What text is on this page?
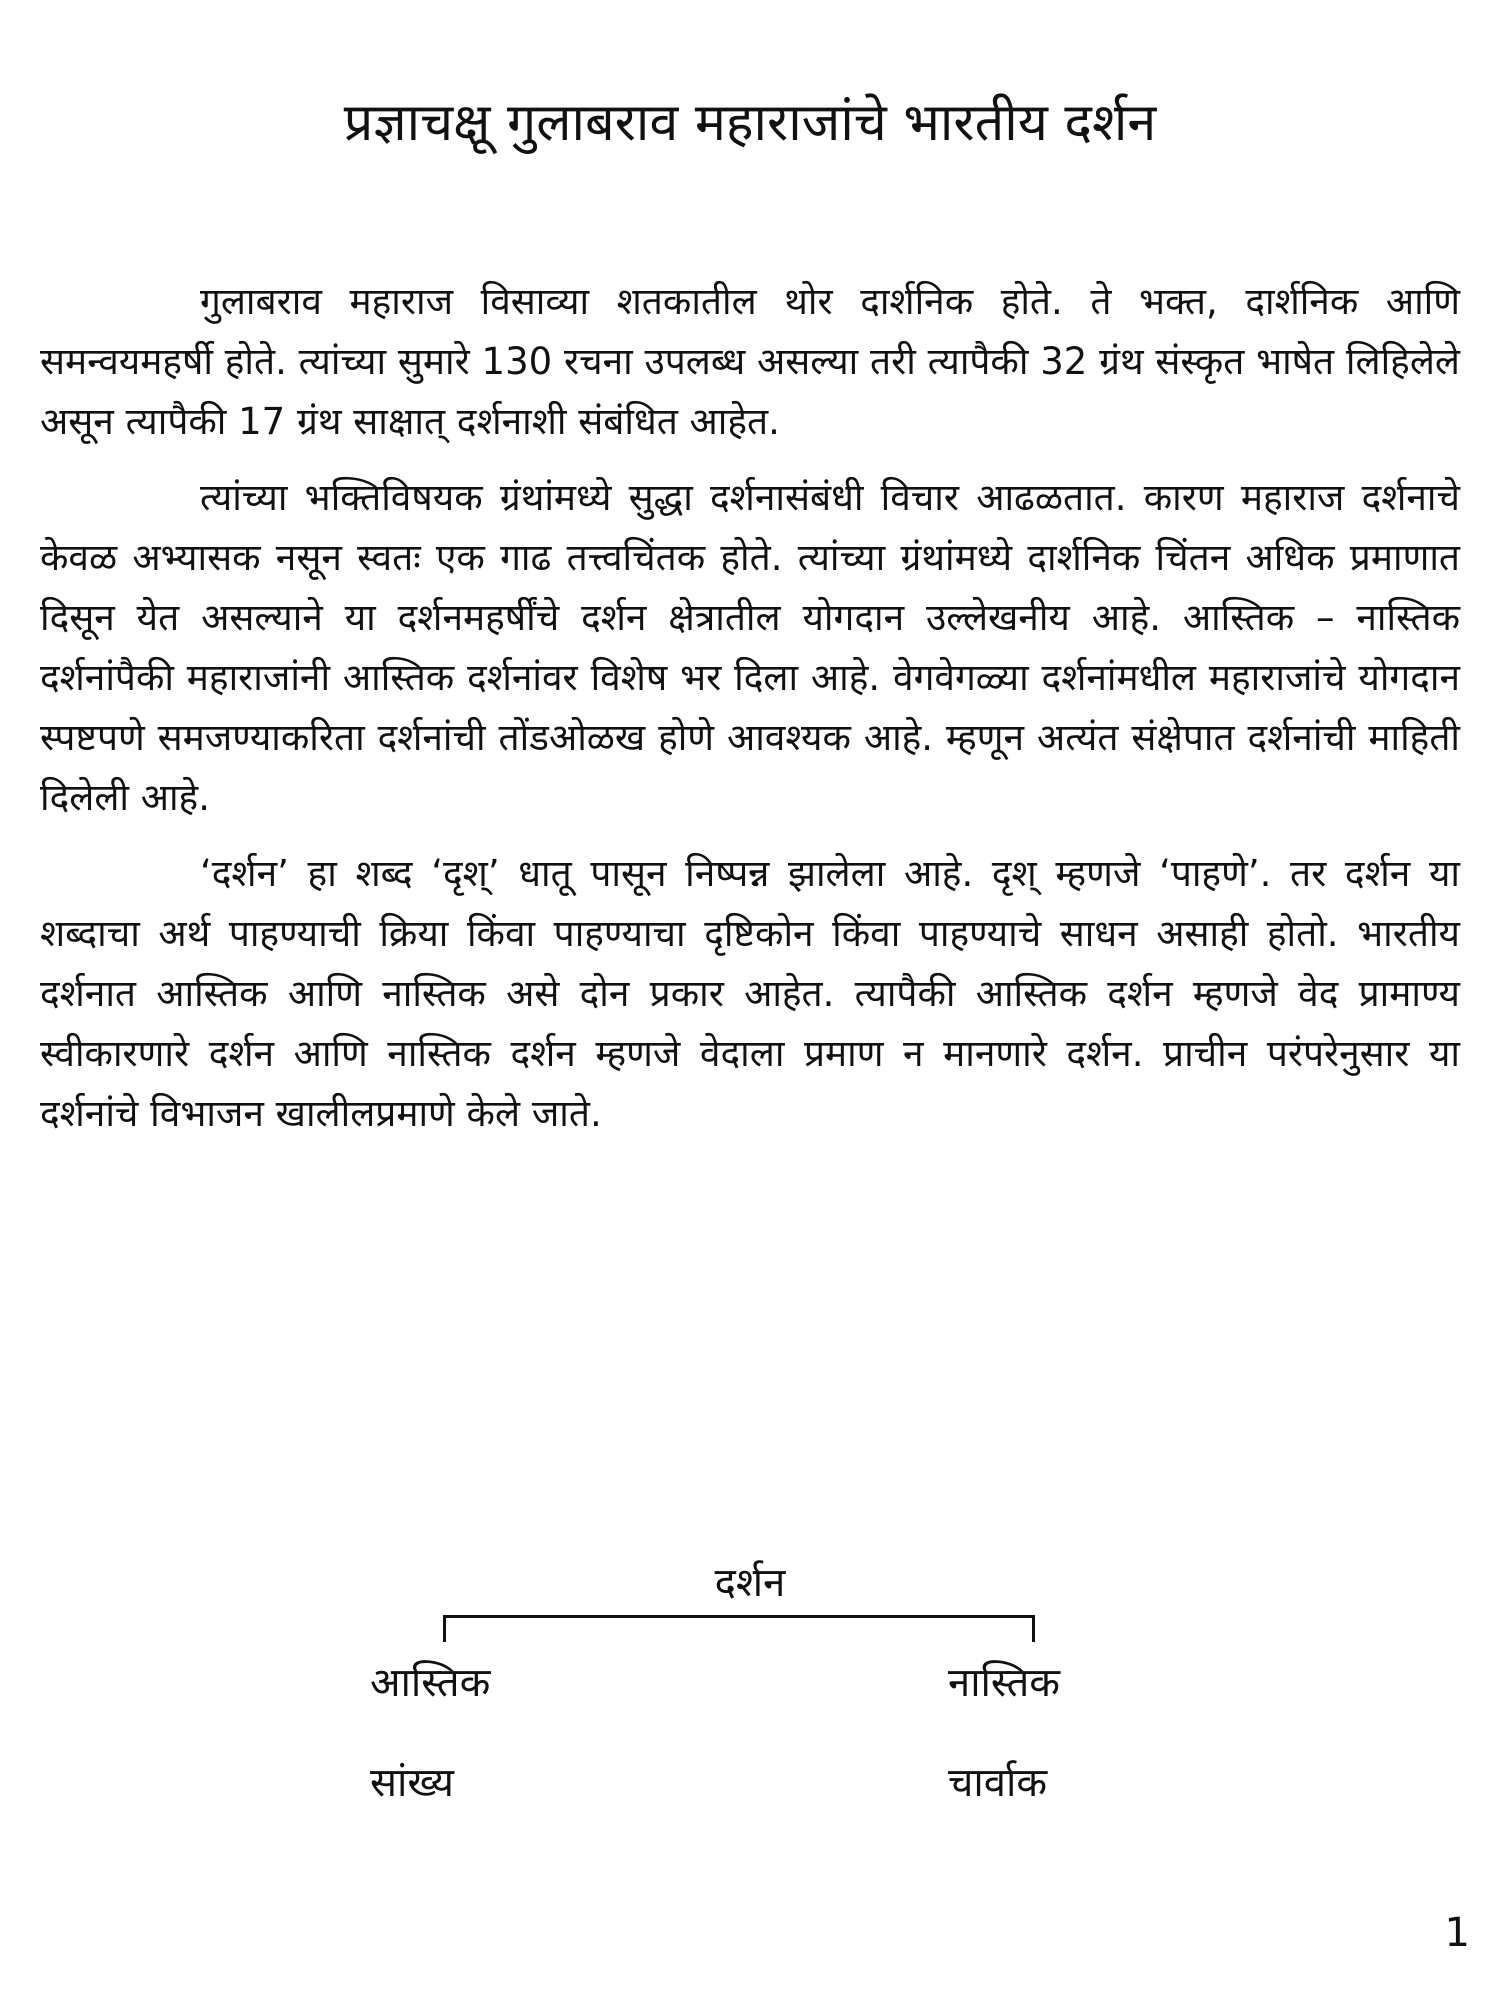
प्रज्ञाचक्षू गुलाबराव महाराजांचे भारतीय दर्शन

गुलाबराव महाराज विसाव्या शतकातील थोर दार्शनिक होते. ते भक्त, दार्शनिक आणि समन्वयमहर्षी होते. त्यांच्या सुमारे 130 रचना उपलब्ध असल्या तरी त्यापैकी 32 ग्रंथ संस्कृत भाषेत लिहिलेले असून त्यापैकी 17 ग्रंथ साक्षात् दर्शनाशी संबंधित आहेत.

त्यांच्या भक्तिविषयक ग्रंथांमध्ये सुद्धा दर्शनासंबंधी विचार आढळतात. कारण महाराज दर्शनाचे केवळ अभ्यासक नसून स्वतः एक गाढ तत्त्वचिंतक होते. त्यांच्या ग्रंथांमध्ये दार्शनिक चिंतन अधिक प्रमाणात दिसून येत असल्याने या दर्शनमहर्षींचे दर्शन क्षेत्रातील योगदान उल्लेखनीय आहे. आस्तिक – नास्तिक दर्शनांपैकी महाराजांनी आस्तिक दर्शनांवर विशेष भर दिला आहे. वेगवेगळ्या दर्शनांमधील महाराजांचे योगदान स्पष्टपणे समजण्याकरिता दर्शनांची तोंडओळख होणे आवश्यक आहे. म्हणून अत्यंत संक्षेपात दर्शनांची माहिती दिलेली आहे.

‘दर्शन’ हा शब्द ‘दृश्’ धातू पासून निष्पन्न झालेला आहे. दृश् म्हणजे ‘पाहणे’. तर दर्शन या शब्दाचा अर्थ पाहण्याची क्रिया किंवा पाहण्याचा दृष्टिकोन किंवा पाहण्याचे साधन असाही होतो. भारतीय दर्शनात आस्तिक आणि नास्तिक असे दोन प्रकार आहेत. त्यापैकी आस्तिक दर्शन म्हणजे वेद प्रामाण्य स्वीकारणारे दर्शन आणि नास्तिक दर्शन म्हणजे वेदाला प्रमाण न मानणारे दर्शन. प्राचीन परंपरेनुसार या दर्शनांचे विभाजन खालीलप्रमाणे केले जाते.

दर्शन
आस्तिक	नास्तिक
सांख्य	चार्वाक
1
